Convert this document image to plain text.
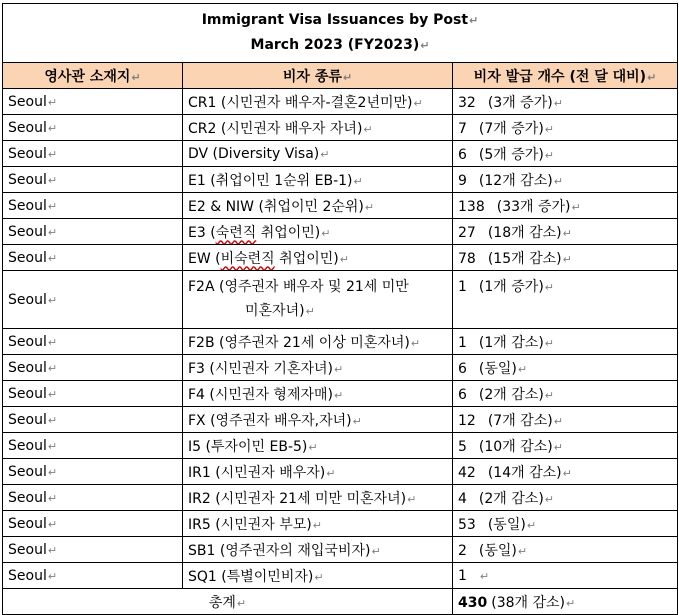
Immigrant Visa Issuances by Post↵
March 2023 (FY2023)↵		

영사관 소재지↵	비자 종류↵	비자 발급 개수 (전 달 대비)↵
Seoul↵	CR1 (시민권자 배우자-결혼2년미만)↵	32 (3개 증가)↵
Seoul↵	CR2 (시민권자 배우자 자녀)↵	7 (7개 증가)↵
Seoul↵	DV (Diversity Visa)↵	6 (5개 증가)↵
Seoul↵	E1 (취업이민 1순위 EB-1)↵	9 (12개 감소)↵
Seoul↵	E2 & NIW (취업이민 2순위)↵	138 (33개 증가)↵
Seoul↵	E3 (숙련직 취업이민)↵	27 (18개 감소)↵
Seoul↵	EW (비숙련직 취업이민)↵	78 (15개 감소)↵
Seoul↵	F2A (영주권자 배우자 및 21세 미만
미혼자녀)↵	1 (1개 증가)↵
Seoul↵	F2B (영주권자 21세 이상 미혼자녀)↵	1 (1개 감소)↵
Seoul↵	F3 (시민권자 기혼자녀)↵	6 (동일)↵
Seoul↵	F4 (시민권자 형제자매)↵	6 (2개 감소)↵
Seoul↵	FX (영주권자 배우자,자녀)↵	12 (7개 감소)↵
Seoul↵	I5 (투자이민 EB-5)↵	5 (10개 감소)↵
Seoul↵	IR1 (시민권자 배우자)↵	42 (14개 감소)↵
Seoul↵	IR2 (시민권자 21세 미만 미혼자녀)↵	4 (2개 감소)↵
Seoul↵	IR5 (시민권자 부모)↵	53 (동일)↵
Seoul↵	SB1 (영주권자의 재입국비자)↵	2 (동일)↵
Seoul↵	SQ1 (특별이민비자)↵	1 ↵
총계↵		430 (38개 감소)↵
